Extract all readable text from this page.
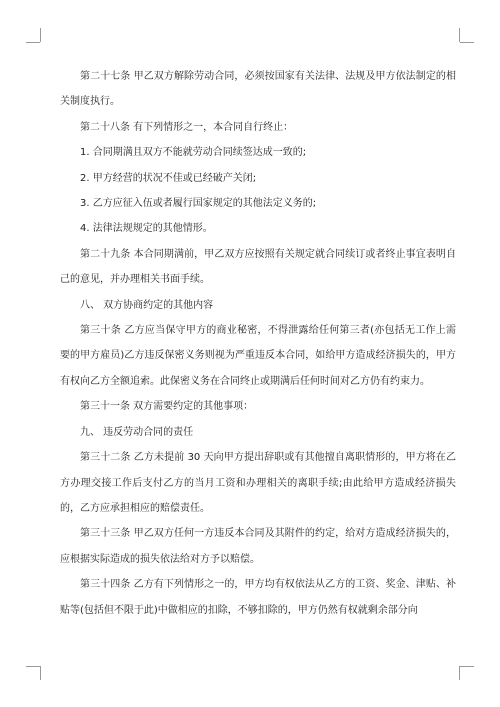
第二十七条 甲乙双方解除劳动合同，必须按国家有关法律、法规及甲方依法制定的相关制度执行。

第二十八条 有下列情形之一，本合同自行终止：

1. 合同期满且双方不能就劳动合同续签达成一致的;

2. 甲方经营的状况不佳或已经破产关闭;

3. 乙方应征入伍或者履行国家规定的其他法定义务的;

4. 法律法规规定的其他情形。

第二十九条 本合同期满前，甲乙双方应按照有关规定就合同续订或者终止事宜表明自己的意见，并办理相关书面手续。

八、 双方协商约定的其他内容

第三十条 乙方应当保守甲方的商业秘密，不得泄露给任何第三者(亦包括无工作上需要的甲方雇员)乙方违反保密义务则视为严重违反本合同，如给甲方造成经济损失的，甲方有权向乙方全额追索。此保密义务在合同终止或期满后任何时间对乙方仍有约束力。

第三十一条 双方需要约定的其他事项：

九、 违反劳动合同的责任

第三十二条 乙方未提前 30 天向甲方提出辞职或有其他擅自离职情形的，甲方将在乙方办理交接工作后支付乙方的当月工资和办理相关的离职手续;由此给甲方造成经济损失的，乙方应承担相应的赔偿责任。

第三十三条 甲乙双方任何一方违反本合同及其附件的约定，给对方造成经济损失的，应根据实际造成的损失依法给对方予以赔偿。

第三十四条 乙方有下列情形之一的，甲方均有权依法从乙方的工资、奖金、津贴、补贴等(包括但不限于此)中做相应的扣除，不够扣除的，甲方仍然有权就剩余部分向
